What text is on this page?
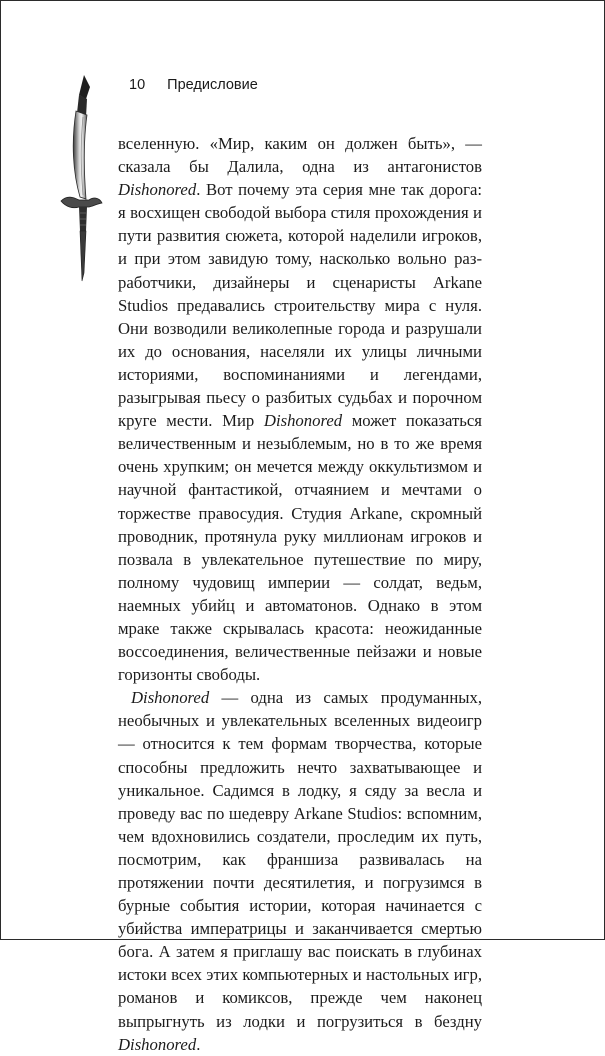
10 Предисловие

вселенную. «Мир, каким он должен быть», — сказала бы Далила, одна из антагонистов Dishonored. Вот почему эта серия мне так дорога: я восхищен свободой выбора стиля прохождения и пути развития сюжета, которой наделили игроков, и при этом завидую тому, насколько вольно разработчики, дизайнеры и сценаристы Arkane Studios предавались строительству мира с нуля. Они возводили великолепные города и разрушали их до основания, населяли их улицы личными историями, воспоминаниями и легендами, разыгрывая пьесу о разбитых судьбах и порочном круге мести. Мир Dishonored может показаться величественным и незыблемым, но в то же время очень хрупким; он мечется между оккультизмом и научной фантастикой, отчаянием и мечтами о торжестве правосудия. Студия Arkane, скромный проводник, протянула руку миллионам игроков и позвала в увлекательное путешествие по миру, полному чудовищ империи — солдат, ведьм, наемных убийц и автоматонов. Однако в этом мраке также скрывалась красота: неожиданные воссоединения, величественные пейзажи и новые горизонты свободы.

Dishonored — одна из самых продуманных, необычных и увлекательных вселенных видеоигр — относится к тем формам творчества, которые способны предложить нечто захватывающее и уникальное. Садимся в лодку, я сяду за весла и проведу вас по шедевру Arkane Studios: вспомним, чем вдохновились создатели, проследим их путь, посмотрим, как франшиза развивалась на протяжении почти десятилетия, и погрузимся в бурные события истории, которая начинается с убийства императрицы и заканчивается смертью бога. А затем я приглашу вас поискать в глубинах истоки всех этих компьютерных и настольных игр, романов и комиксов, прежде чем наконец выпрыгнуть из лодки и погрузиться в бездну Dishonored.
